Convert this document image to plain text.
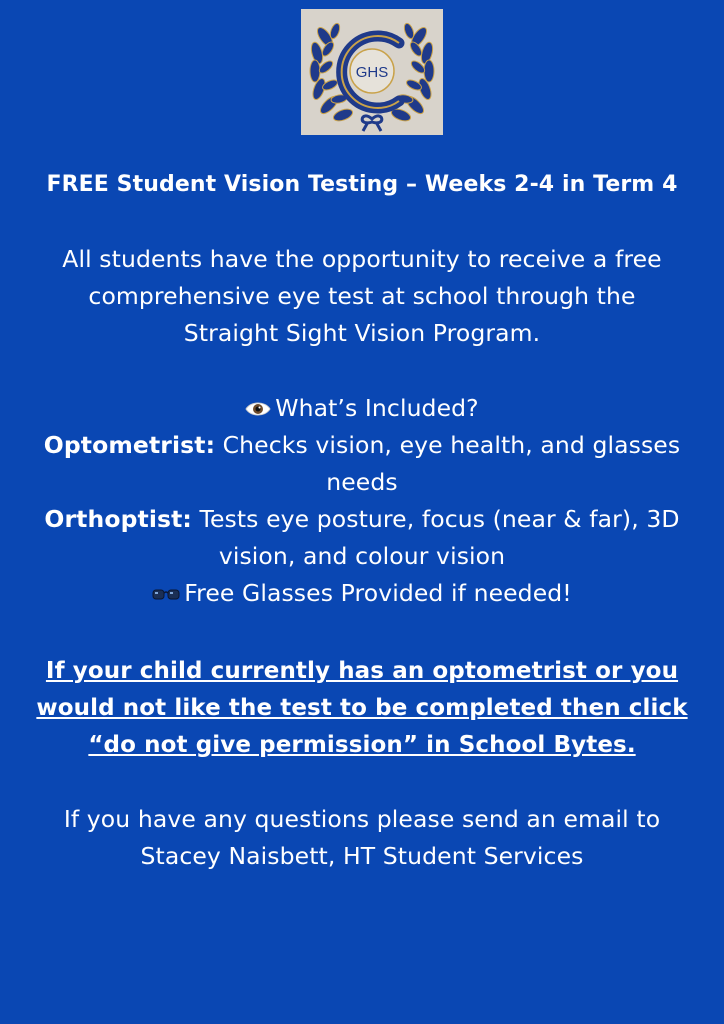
GHS
FREE Student Vision Testing – Weeks 2-4 in Term 4
All students have the opportunity to receive a free
comprehensive eye test at school through the
Straight Sight Vision Program.
What’s Included?
Optometrist: Checks vision, eye health, and glasses
needs
Orthoptist: Tests eye posture, focus (near & far), 3D
vision, and colour vision
Free Glasses Provided if needed!
If your child currently has an optometrist or you
would not like the test to be completed then click
“do not give permission” in School Bytes.
If you have any questions please send an email to
Stacey Naisbett, HT Student Services
